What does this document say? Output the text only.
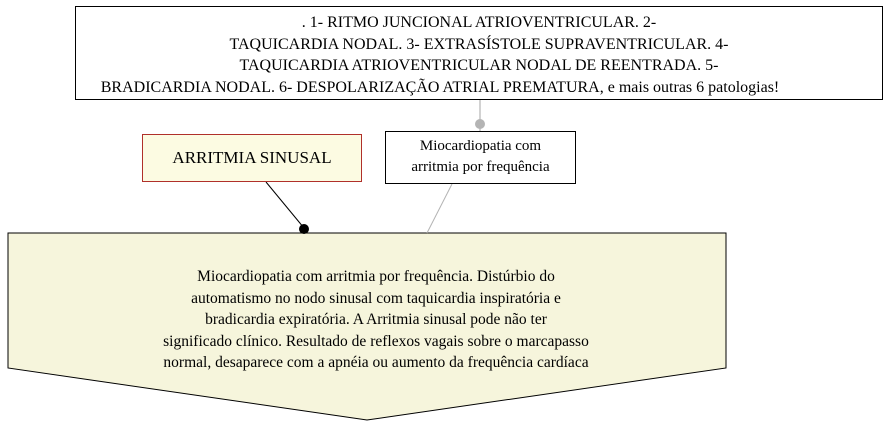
. 1- RITMO JUNCIONAL ATRIOVENTRICULAR. 2-
TAQUICARDIA NODAL. 3- EXTRASÍSTOLE SUPRAVENTRICULAR. 4-
TAQUICARDIA ATRIOVENTRICULAR NODAL DE REENTRADA. 5-
BRADICARDIA NODAL. 6- DESPOLARIZAÇÃO ATRIAL PREMATURA, e mais outras 6 patologias!
ARRITMIA SINUSAL
Miocardiopatia com
arritmia por frequência
Miocardiopatia com arritmia por frequência. Distúrbio do
automatismo no nodo sinusal com taquicardia inspiratória e
bradicardia expiratória. A Arritmia sinusal pode não ter
significado clínico. Resultado de reflexos vagais sobre o marcapasso
normal, desaparece com a apnéia ou aumento da frequência cardíaca
